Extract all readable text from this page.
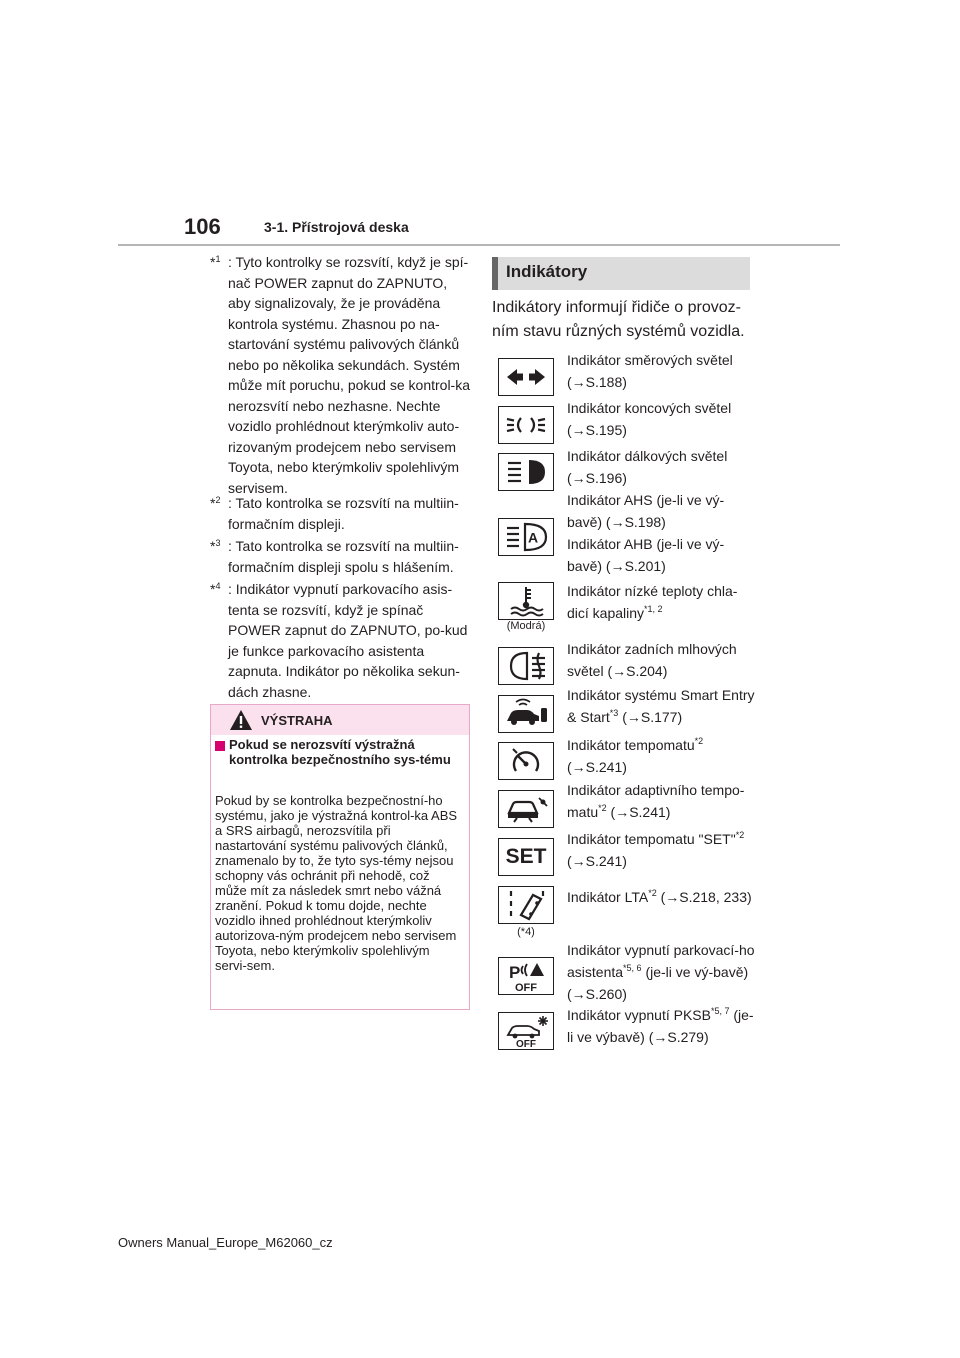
106	3-1. Přístrojová deska
*$^1$ : Tyto kontrolky se rozsvítí, když je spí-nač POWER zapnut do ZAPNUTO, aby signalizovaly, že je prováděna kontrola systému. Zhasnou po na-startování systému palivových článků nebo po několika sekundách. Systém může mít poruchu, pokud se kontrol-ka nerozsvítí nebo nezhasne. Nechte vozidlo prohlédnout kterýmkoliv auto-rizovaným prodejcem nebo servisem Toyota, nebo kterýmkoliv spolehlivým servisem.
*$^2$ : Tato kontrolka se rozsvítí na multiin-formačním displeji.
*$^3$ : Tato kontrolka se rozsvítí na multiin-formačním displeji spolu s hlášením.
*$^4$ : Indikátor vypnutí parkovacího asis-tenta se rozsvítí, když je spínač POWER zapnut do ZAPNUTO, po-kud je funkce parkovacího asistenta zapnuta. Indikátor po několika sekun-dách zhasne.
VÝSTRAHA
Pokud se nerozsvítí výstražná kontrolka bezpečnostního sys-tému
Pokud by se kontrolka bezpečnostní-ho systému, jako je výstražná kontrol-ka ABS a SRS airbagů, nerozsvítila při nastartování systému palivových článků, znamenalo by to, že tyto sys-témy nejsou schopny vás ochránit při nehodě, což může mít za následek smrt nebo vážná zranění. Pokud k tomu dojde, nechte vozidlo ihned prohlédnout kterýmkoliv autorizova-ným prodejcem nebo servisem Toyota, nebo kterýmkoliv spolehlivým servi-sem.
Indikátory
Indikátory informují řidiče o provoz-ním stavu různých systémů vozidla.
Indikátor směrových světel (→S.188)
Indikátor koncových světel (→S.195)
Indikátor dálkových světel (→S.196)
A
Indikátor AHS (je-li ve vý-bavě) (→S.198)
Indikátor AHB (je-li ve vý-bavě) (→S.201)
(Modrá)
Indikátor nízké teploty chla-dicí kapaliny$^{*1, 2}$
Indikátor zadních mlhových světel (→S.204)
Indikátor systému Smart Entry & Start$^{*3}$ (→S.177)
Indikátor tempomatu$^{*2}$ (→S.241)
Indikátor adaptivního tempo-matu$^{*2}$ (→S.241)
SET
Indikátor tempomatu "SET"$^{*2}$ (→S.241)
(*4)
Indikátor LTA$^{*2}$ (→S.218, 233)
P
OFF
Indikátor vypnutí parkovací-ho asistenta$^{*5, 6}$ (je-li ve vý-bavě) (→S.260)
OFF
Indikátor vypnutí PKSB$^{*5, 7}$ (je-li ve výbavě) (→S.279)
Owners Manual_Europe_M62060_cz
